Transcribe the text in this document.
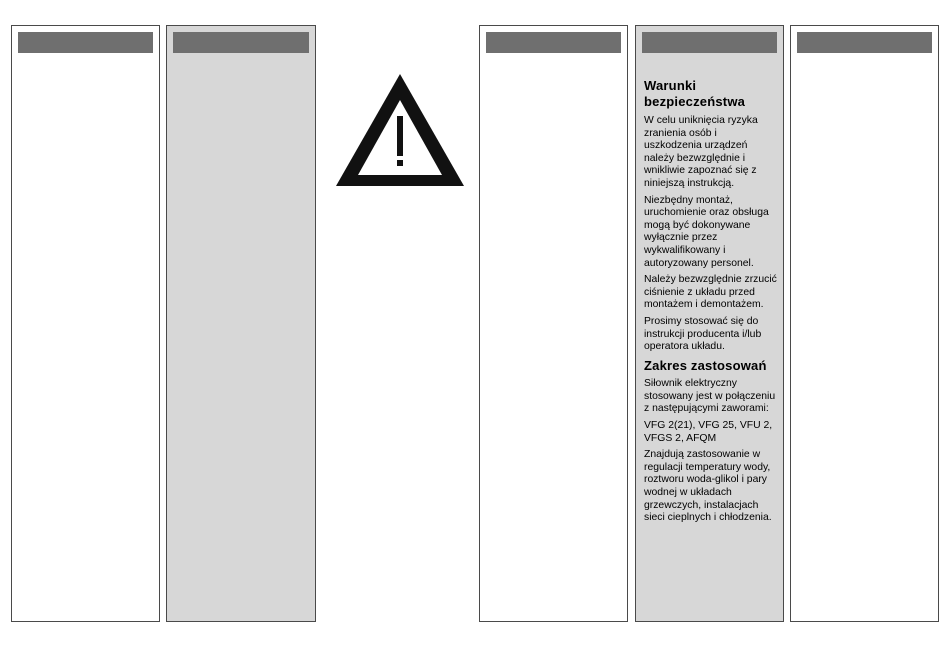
Warunki bezpieczeństwa

W celu uniknięcia ryzyka zranienia osób i uszkodzenia urządzeń należy bezwzględnie i wnikliwie zapoznać się z niniejszą instrukcją.

Niezbędny montaż, uruchomienie oraz obsługa mogą być dokonywane wyłącznie przez wykwalifikowany i autoryzowany personel.

Należy bezwzględnie zrzucić ciśnienie z układu przed montażem i demontażem.

Prosimy stosować się do instrukcji producenta i/lub operatora układu.

Zakres zastosowań

Siłownik elektryczny stosowany jest w połączeniu z następującymi zaworami:

VFG 2(21), VFG 25, VFU 2, VFGS 2, AFQM

Znajdują zastosowanie w regulacji temperatury wody, roztworu woda-glikol i pary wodnej w układach grzewczych, instalacjach sieci cieplnych i chłodzenia.
